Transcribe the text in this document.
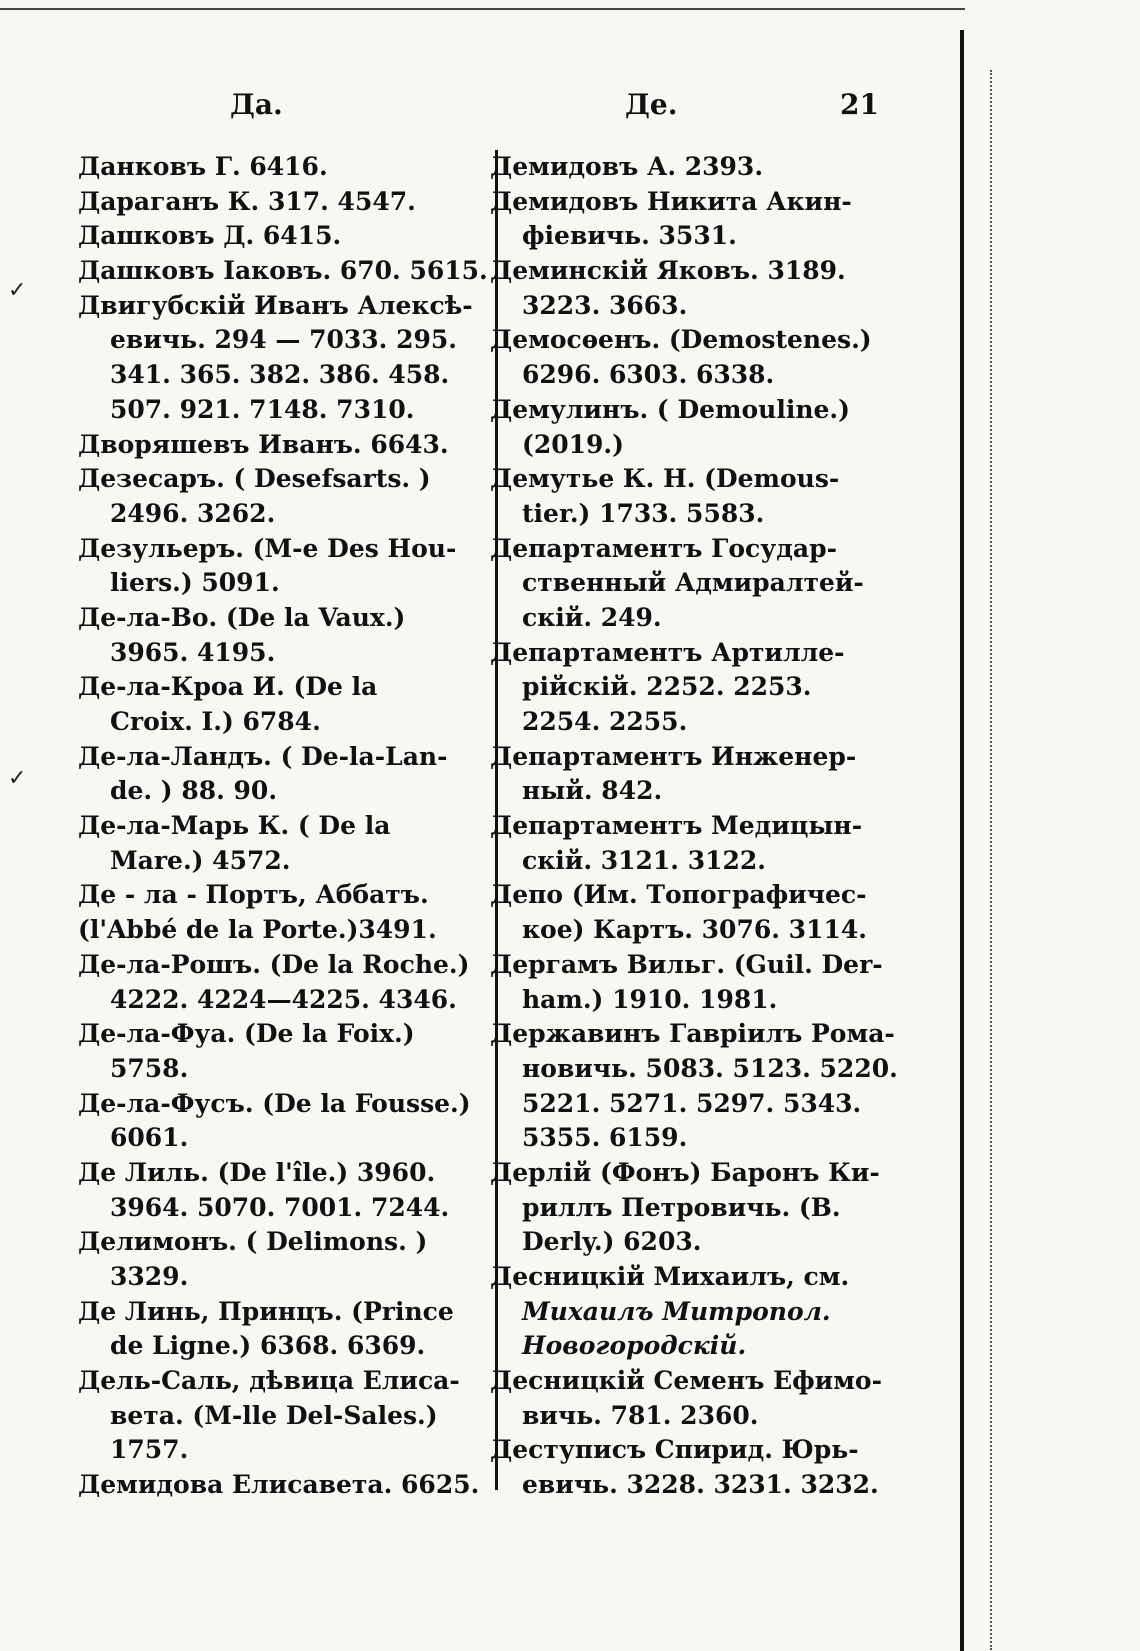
Да.	Де.	21
Данковъ Г. 6416.
Дараганъ К. 317. 4547.
Дашковъ Д. 6415.
Дашковъ Іаковъ. 670. 5615.
Двигубскій Иванъ Алексѣ-
евичь. 294 — 7033. 295.
341. 365. 382. 386. 458.
507. 921. 7148. 7310.
Дворяшевъ Иванъ. 6643.
Дезесаръ. ( Desefsarts. )
2496. 3262.
Дезульеръ. (M-e Des Hou-
liers.) 5091.
Де-ла-Во. (De la Vaux.)
3965. 4195.
Де-ла-Кроа И. (De la
Croix. I.) 6784.
Де-ла-Ландъ. ( De-la-Lan-
de. ) 88. 90.
Де-ла-Марь К. ( De la
Mare.) 4572.
Де - ла - Портъ, Аббатъ.
(l'Abbé de la Porte.)3491.
Де-ла-Рошъ. (De la Roche.)
4222. 4224—4225. 4346.
Де-ла-Фуа. (De la Foix.)
5758.
Де-ла-Фусъ. (De la Fousse.)
6061.
Де Лиль. (De l'île.) 3960.
3964. 5070. 7001. 7244.
Делимонъ. ( Delimons. )
3329.
Де Линь, Принцъ. (Prince
de Ligne.) 6368. 6369.
Дель-Саль, дѣвица Елиса-
вета. (M-lle Del-Sales.)
1757.
Демидова Елисавета. 6625.
Демидовъ А. 2393.
Демидовъ Никита Акин-
фіевичь. 3531.
Деминскій Яковъ. 3189.
3223. 3663.
Демосѳенъ. (Demostenes.)
6296. 6303. 6338.
Демулинъ. ( Demouline.)
(2019.)
Демутье К. Н. (Demous-
tier.) 1733. 5583.
Департаментъ Государ-
ственный Адмиралтей-
скій. 249.
Департаментъ Артилле-
рійскій. 2252. 2253.
2254. 2255.
Департаментъ Инженер-
ный. 842.
Департаментъ Медицын-
скій. 3121. 3122.
Депо (Им. Топографичес-
кое) Картъ. 3076. 3114.
Дергамъ Вильг. (Guil. Der-
ham.) 1910. 1981.
Державинъ Гавріилъ Рома-
новичь. 5083. 5123. 5220.
5221. 5271. 5297. 5343.
5355. 6159.
Дерлій (Фонъ) Баронъ Ки-
риллъ Петровичь. (B.
Derly.) 6203.
Десницкій Михаилъ, см.
Михаилъ Митропол.
Новогородскій.
Десницкій Семенъ Ефимо-
вичь. 781. 2360.
Деступисъ Спирид. Юрь-
евичь. 3228. 3231. 3232.
✓
✓
